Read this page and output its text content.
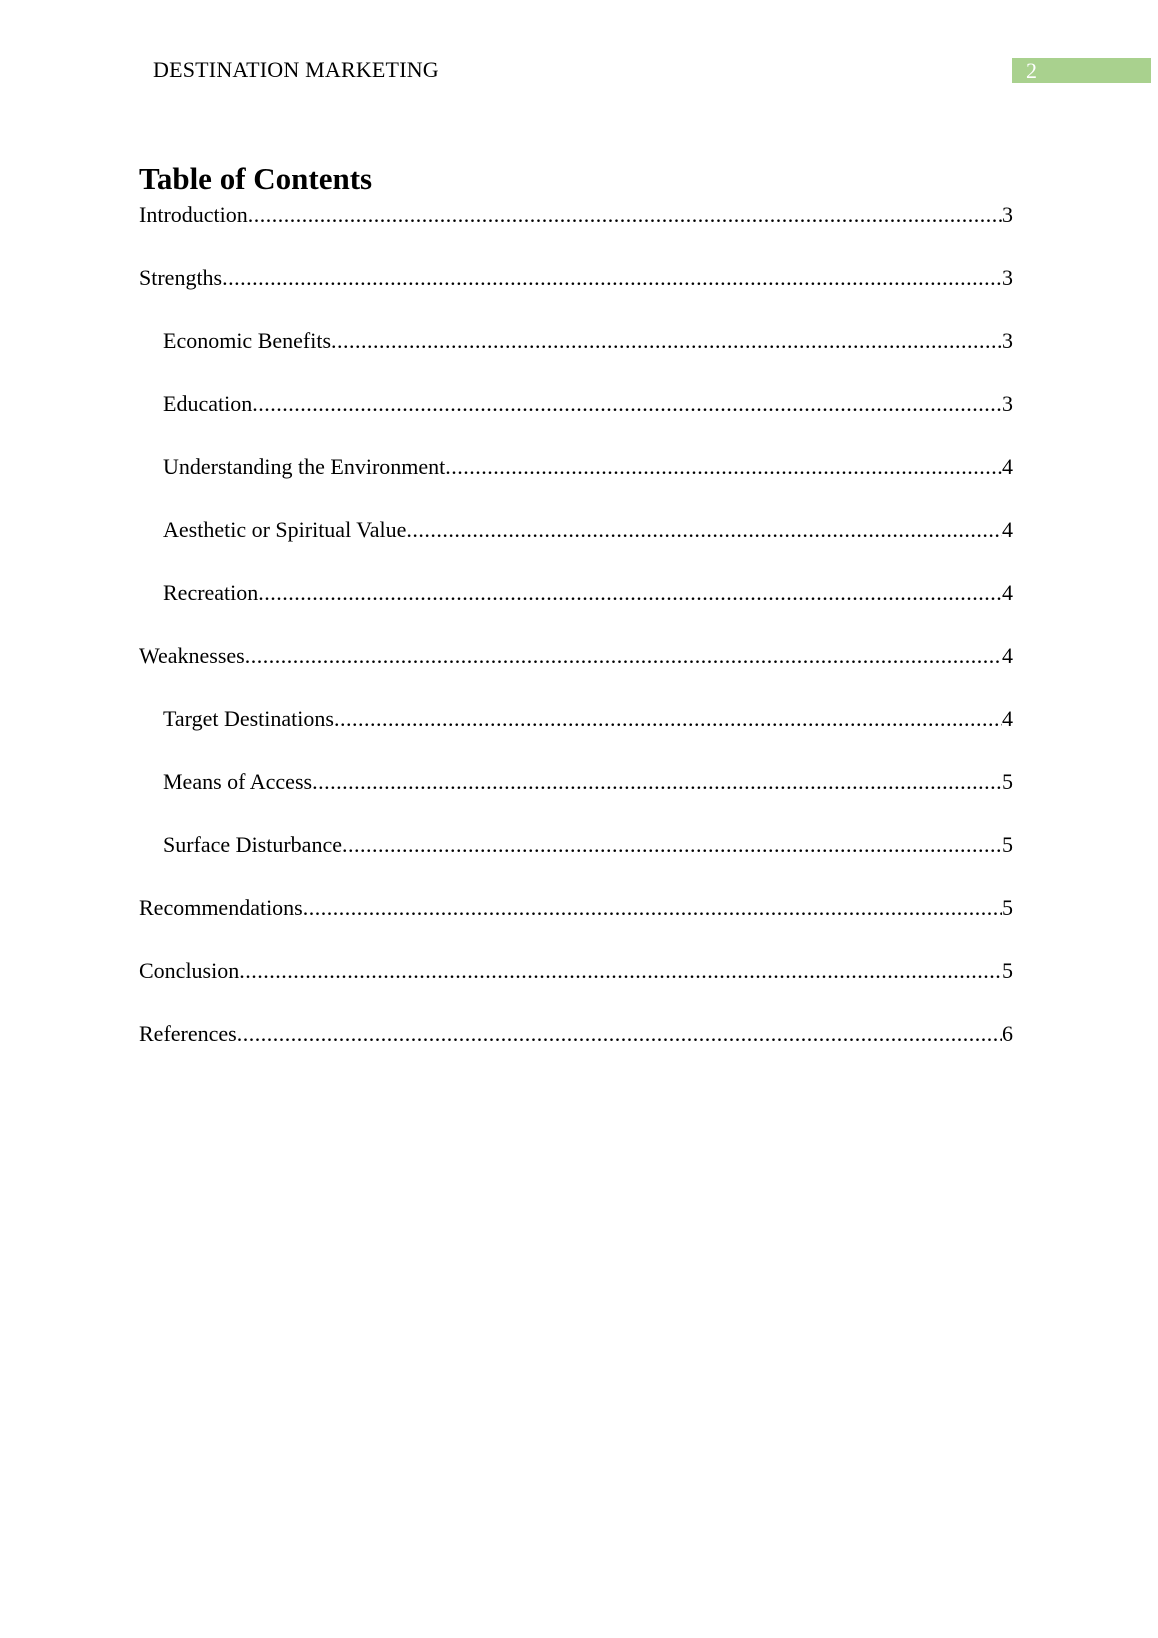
DESTINATION MARKETING	2
Table of Contents
Introduction .....	3
Strengths .....	3
Economic Benefits .....	3
Education .....	3
Understanding the Environment .....	4
Aesthetic or Spiritual Value .....	4
Recreation .....	4
Weaknesses .....	4
Target Destinations .....	4
Means of Access .....	5
Surface Disturbance .....	5
Recommendations .....	5
Conclusion .....	5
References .....	6
